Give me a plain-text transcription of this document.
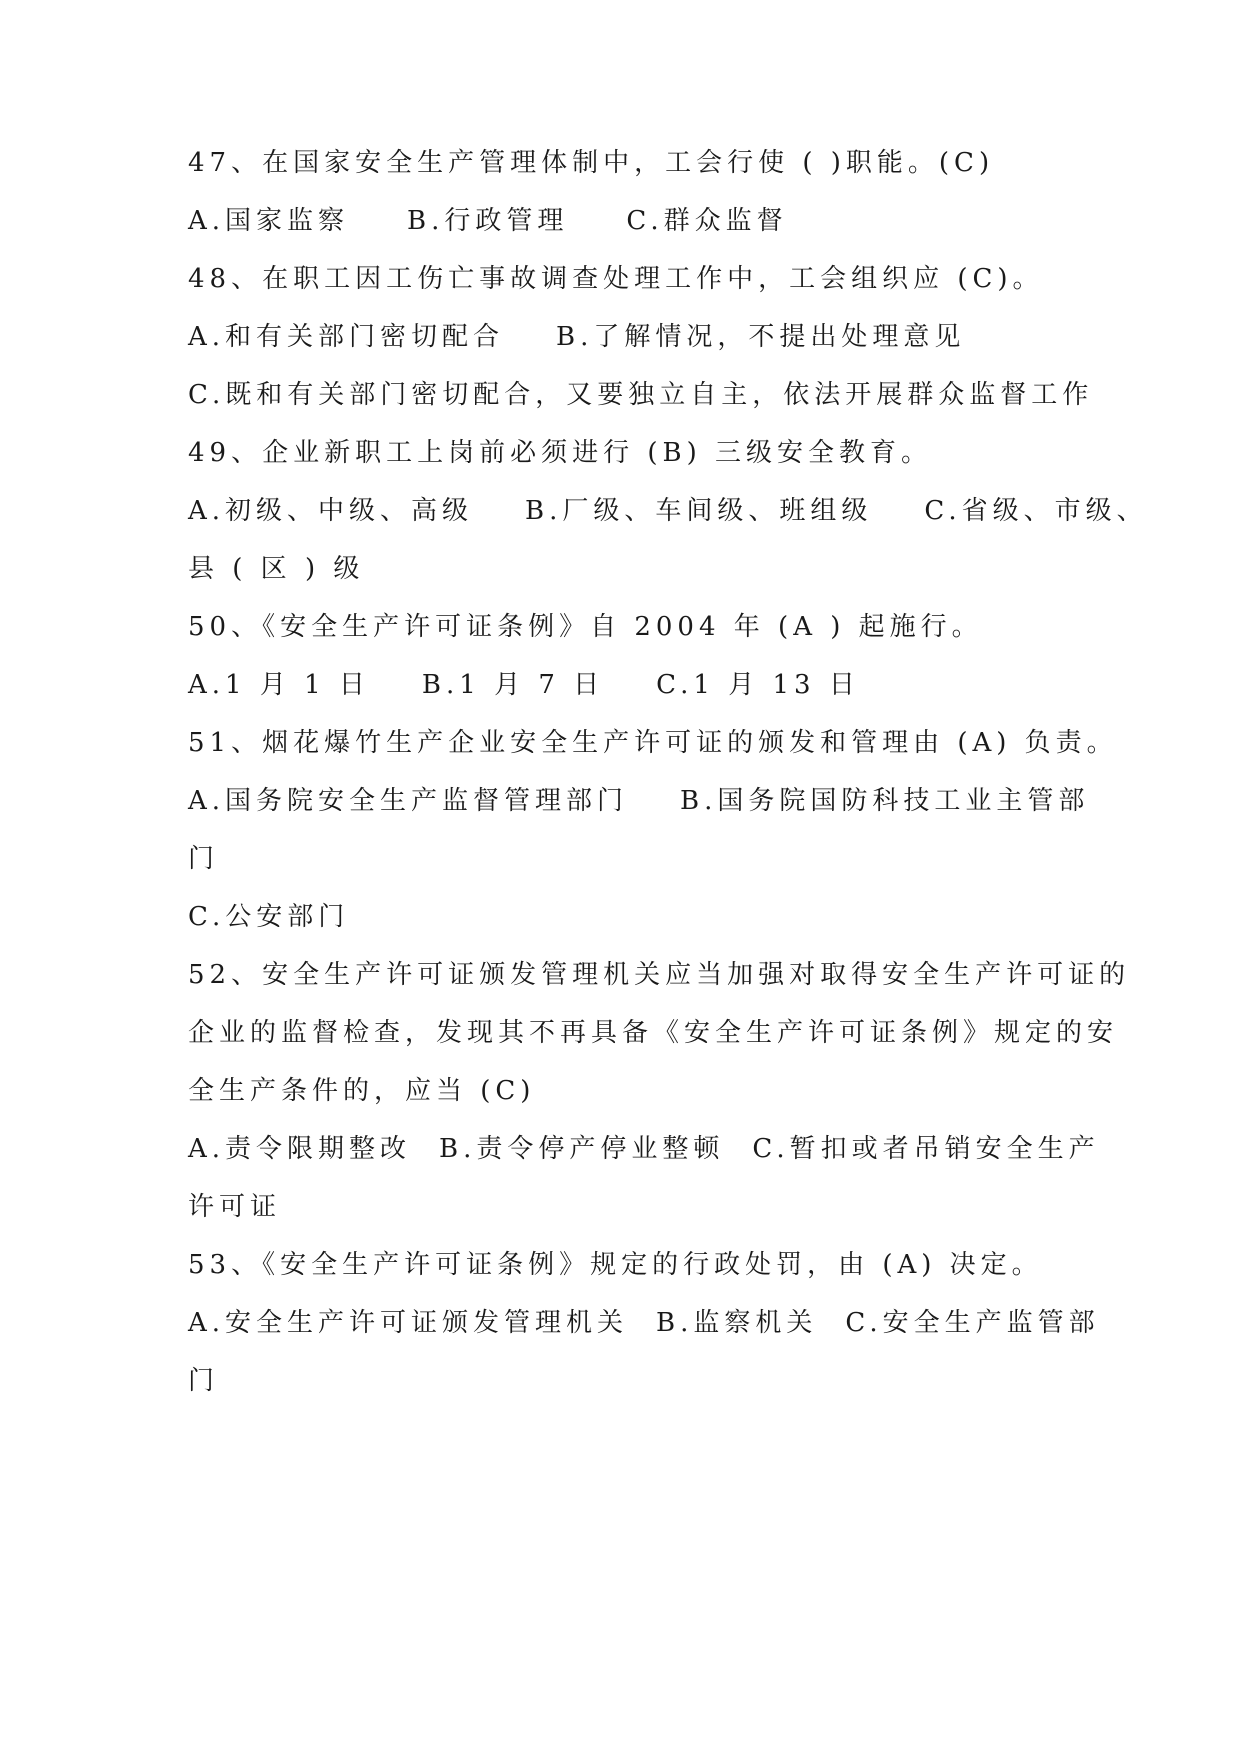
47、在国家安全生产管理体制中，工会行使 ( )职能。(C)
A.国家监察 B.行政管理 C.群众监督
48、在职工因工伤亡事故调查处理工作中，工会组织应 (C)。
A.和有关部门密切配合 B.了解情况，不提出处理意见
C.既和有关部门密切配合，又要独立自主，依法开展群众监督工作
49、企业新职工上岗前必须进行 (B) 三级安全教育。
A.初级、中级、高级 B.厂级、车间级、班组级 C.省级、市级、
县 ( 区 ) 级
50、《安全生产许可证条例》自 2004 年 (A ) 起施行。
A.1 月 1 日 B.1 月 7 日 C.1 月 13 日
51、烟花爆竹生产企业安全生产许可证的颁发和管理由 (A) 负责。
A.国务院安全生产监督管理部门 B.国务院国防科技工业主管部
门
C.公安部门
52、安全生产许可证颁发管理机关应当加强对取得安全生产许可证的
企业的监督检查，发现其不再具备《安全生产许可证条例》规定的安
全生产条件的，应当 (C)
A.责令限期整改 B.责令停产停业整顿 C.暂扣或者吊销安全生产
许可证
53、《安全生产许可证条例》规定的行政处罚，由 (A) 决定。
A.安全生产许可证颁发管理机关 B.监察机关 C.安全生产监管部
门
